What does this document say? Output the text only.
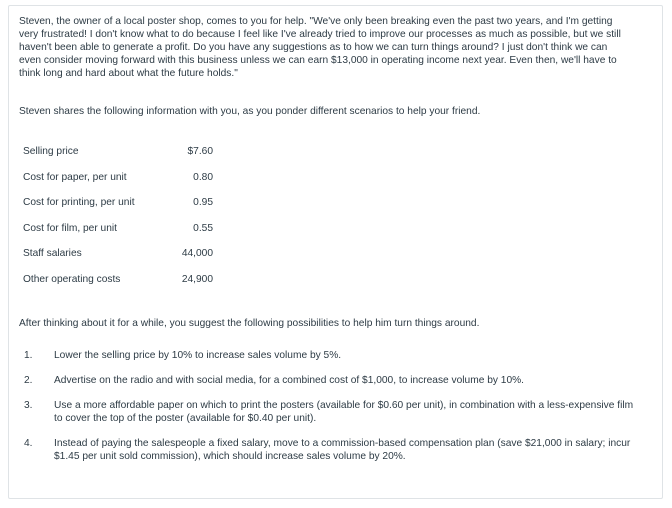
Steven, the owner of a local poster shop, comes to you for help. "We've only been breaking even the past two years, and I'm getting very frustrated! I don't know what to do because I feel like I've already tried to improve our processes as much as possible, but we still haven't been able to generate a profit. Do you have any suggestions as to how we can turn things around? I just don't think we can even consider moving forward with this business unless we can earn $13,000 in operating income next year. Even then, we'll have to think long and hard about what the future holds."

Steven shares the following information with you, as you ponder different scenarios to help your friend.

Selling price	$7.60
Cost for paper, per unit	0.80
Cost for printing, per unit	0.95
Cost for film, per unit	0.55
Staff salaries	44,000
Other operating costs	24,900

After thinking about it for a while, you suggest the following possibilities to help him turn things around.

1. Lower the selling price by 10% to increase sales volume by 5%.
2. Advertise on the radio and with social media, for a combined cost of $1,000, to increase volume by 10%.
3. Use a more affordable paper on which to print the posters (available for $0.60 per unit), in combination with a less-expensive film to cover the top of the poster (available for $0.40 per unit).
4. Instead of paying the salespeople a fixed salary, move to a commission-based compensation plan (save $21,000 in salary; incur $1.45 per unit sold commission), which should increase sales volume by 20%.
